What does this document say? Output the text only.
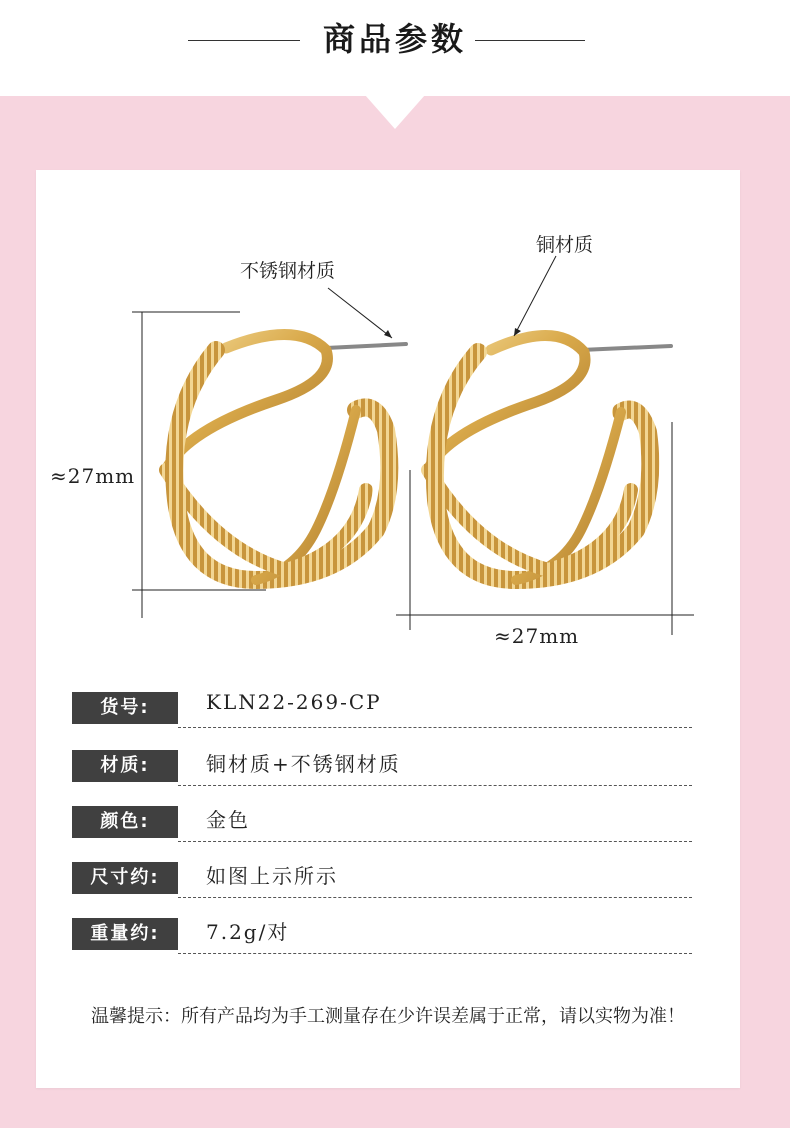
商品参数
不锈钢材质
铜材质
≈27mm
≈27mm
货号:	KLN22-269-CP
材质:	铜材质+不锈钢材质
颜色:	金色
尺寸约:	如图上示所示
重量约:	7.2g/对
温馨提示：所有产品均为手工测量存在少许误差属于正常，请以实物为准！
